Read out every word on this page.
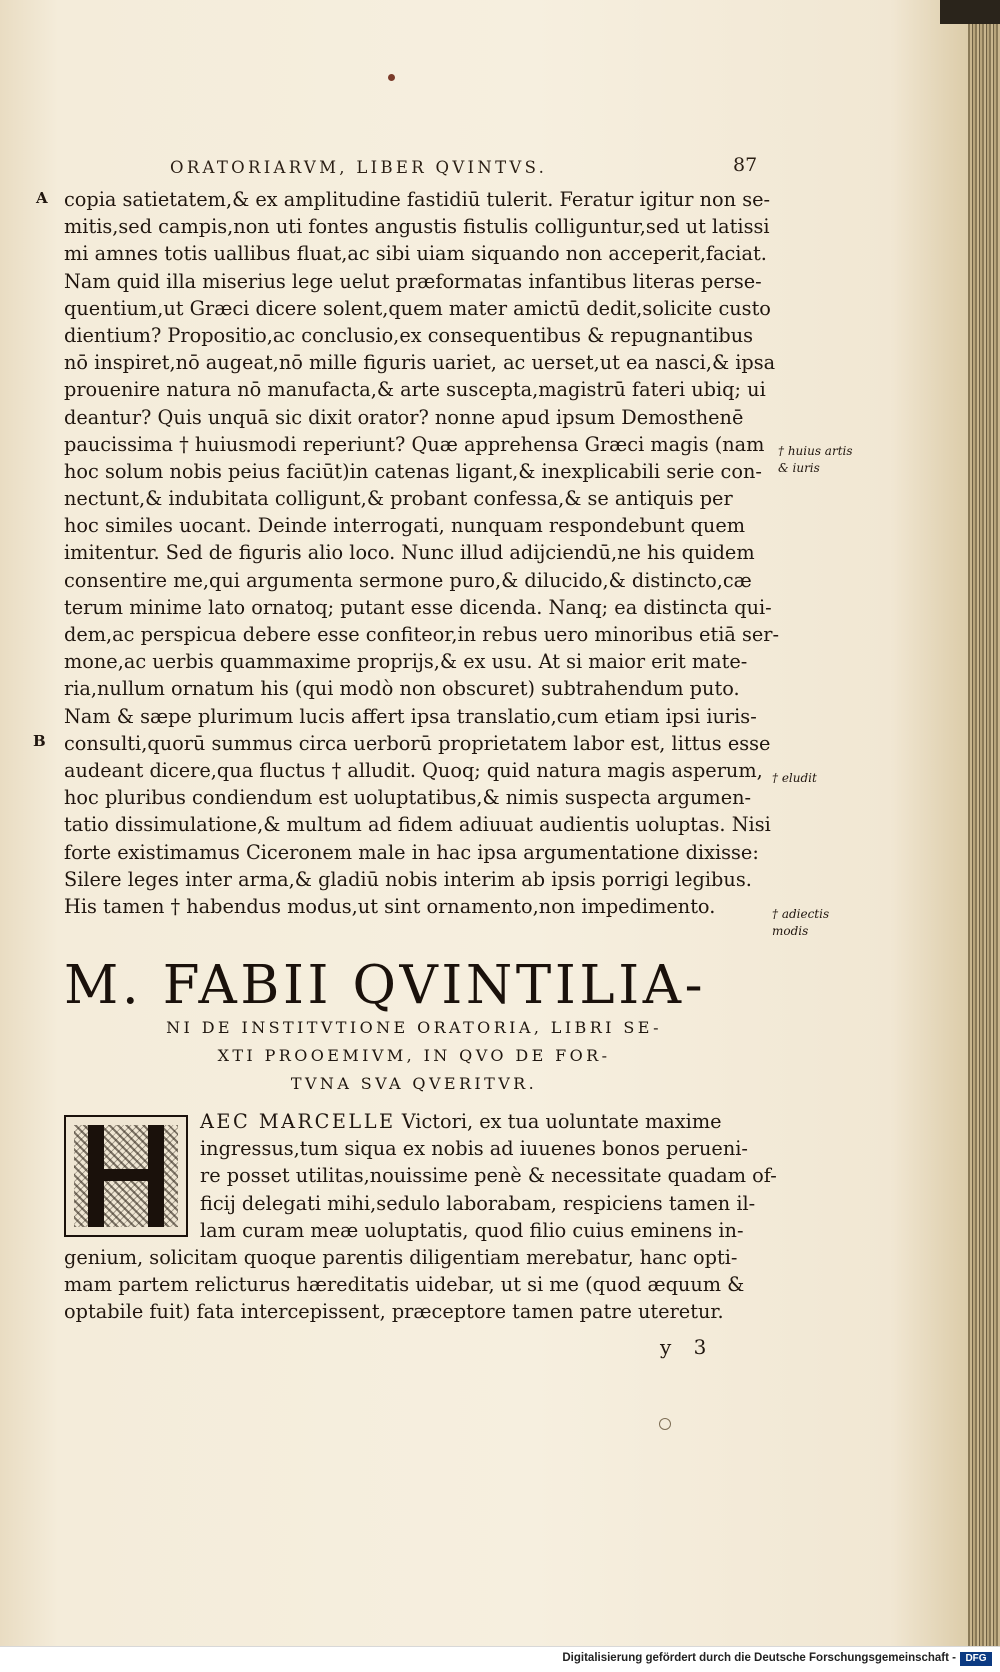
ORATORIARVM, LIBER QVINTVS.	87
A
B
copia satietatem,& ex amplitudine fastidiū tulerit. Feratur igitur non se-
mitis,sed campis,non uti fontes angustis fistulis colliguntur,sed ut latissi
mi amnes totis uallibus fluat,ac sibi uiam siquando non acceperit,faciat.
Nam quid illa miserius lege uelut præformatas infantibus literas perse-
quentium,ut Græci dicere solent,quem mater amictū dedit,solicite custo
dientium? Propositio,ac conclusio,ex consequentibus & repugnantibus
nō inspiret,nō augeat,nō mille figuris uariet, ac uerset,ut ea nasci,& ipsa
prouenire natura nō manufacta,& arte suscepta,magistrū fateri ubiq; ui
deantur? Quis unquā sic dixit orator? nonne apud ipsum Demosthenē
paucissima † huiusmodi reperiunt? Quæ apprehensa Græci magis (nam
hoc solum nobis peius faciūt)in catenas ligant,& inexplicabili serie con-
nectunt,& indubitata colligunt,& probant confessa,& se antiquis per
hoc similes uocant. Deinde interrogati, nunquam respondebunt quem
imitentur. Sed de figuris alio loco. Nunc illud adijciendū,ne his quidem
consentire me,qui argumenta sermone puro,& dilucido,& distincto,cæ
terum minime lato ornatoq; putant esse dicenda. Nanq; ea distincta qui-
dem,ac perspicua debere esse confiteor,in rebus uero minoribus etiā ser-
mone,ac uerbis quammaxime proprijs,& ex usu. At si maior erit mate-
ria,nullum ornatum his (qui modò non obscuret) subtrahendum puto.
Nam & sæpe plurimum lucis affert ipsa translatio,cum etiam ipsi iuris-
consulti,quorū summus circa uerborū proprietatem labor est, littus esse
audeant dicere,qua fluctus † alludit. Quoq; quid natura magis asperum,
hoc pluribus condiendum est uoluptatibus,& nimis suspecta argumen-
tatio dissimulatione,& multum ad fidem adiuuat audientis uoluptas. Nisi
forte existimamus Ciceronem male in hac ipsa argumentatione dixisse:
Silere leges inter arma,& gladiū nobis interim ab ipsis porrigi legibus.
His tamen † habendus modus,ut sint ornamento,non impedimento.
† huius artis
& iuris
† eludit
† adiectis
modis
M. FABII QVINTILIA-
NI DE INSTITVTIONE ORATORIA, LIBRI SE-
XTI PROOEMIVM, IN QVO DE FOR-
TVNA SVA QVERITVR.
AEC MARCELLE Victori, ex tua uoluntate maxime
ingressus,tum siqua ex nobis ad iuuenes bonos perueni-
re posset utilitas,nouissime penè & necessitate quadam of-
ficij delegati mihi,sedulo laborabam, respiciens tamen il-
lam curam meæ uoluptatis, quod filio cuius eminens in-
genium, solicitam quoque parentis diligentiam merebatur, hanc opti-
mam partem relicturus hæreditatis uidebar, ut si me (quod æquum &
optabile fuit) fata intercepissent, præceptore tamen patre uteretur.
y 3
Digitalisierung gefördert durch die Deutsche Forschungsgemeinschaft - DFG
